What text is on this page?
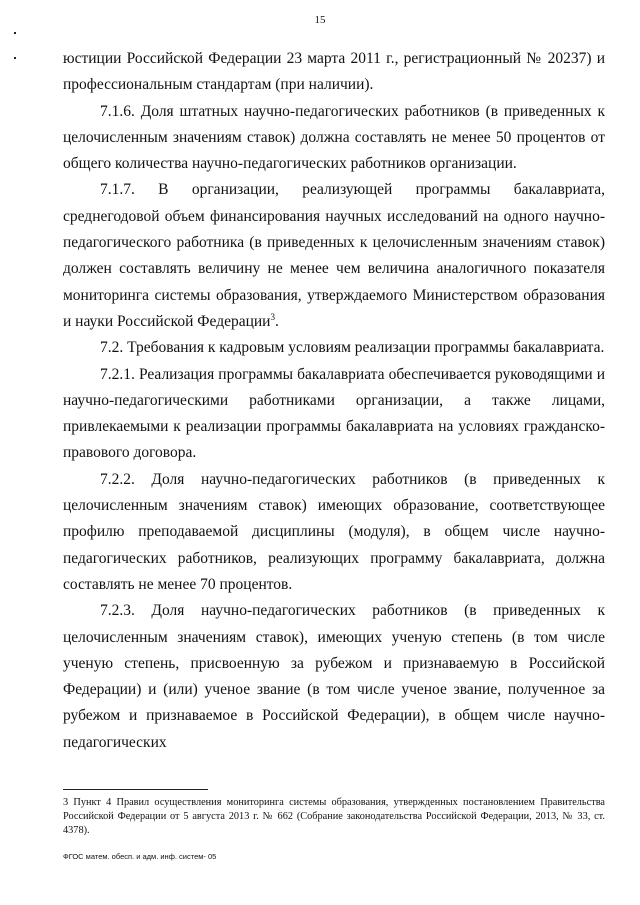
15

юстиции Российской Федерации 23 марта 2011 г., регистрационный № 20237) и профессиональным стандартам (при наличии).

7.1.6. Доля штатных научно-педагогических работников (в приведенных к целочисленным значениям ставок) должна составлять не менее 50 процентов от общего количества научно-педагогических работников организации.

7.1.7. В организации, реализующей программы бакалавриата, среднегодовой объем финансирования научных исследований на одного научно-педагогического работника (в приведенных к целочисленным значениям ставок) должен составлять величину не менее чем величина аналогичного показателя мониторинга системы образования, утверждаемого Министерством образования и науки Российской Федерации$^3$.

7.2. Требования к кадровым условиям реализации программы бакалавриата.

7.2.1. Реализация программы бакалавриата обеспечивается руководящими и научно-педагогическими работниками организации, а также лицами, привлекаемыми к реализации программы бакалавриата на условиях гражданско-правового договора.

7.2.2. Доля научно-педагогических работников (в приведенных к целочисленным значениям ставок) имеющих образование, соответствующее профилю преподаваемой дисциплины (модуля), в общем числе научно-педагогических работников, реализующих программу бакалавриата, должна составлять не менее 70 процентов.

7.2.3. Доля научно-педагогических работников (в приведенных к целочисленным значениям ставок), имеющих ученую степень (в том числе ученую степень, присвоенную за рубежом и признаваемую в Российской Федерации) и (или) ученое звание (в том числе ученое звание, полученное за рубежом и признаваемое в Российской Федерации), в общем числе научно-педагогических

3 Пункт 4 Правил осуществления мониторинга системы образования, утвержденных постановлением Правительства Российской Федерации от 5 августа 2013 г. № 662 (Собрание законодательства Российской Федерации, 2013, № 33, ст. 4378).

ФГОС матем. обесп. и адм. инф. систем- 05
